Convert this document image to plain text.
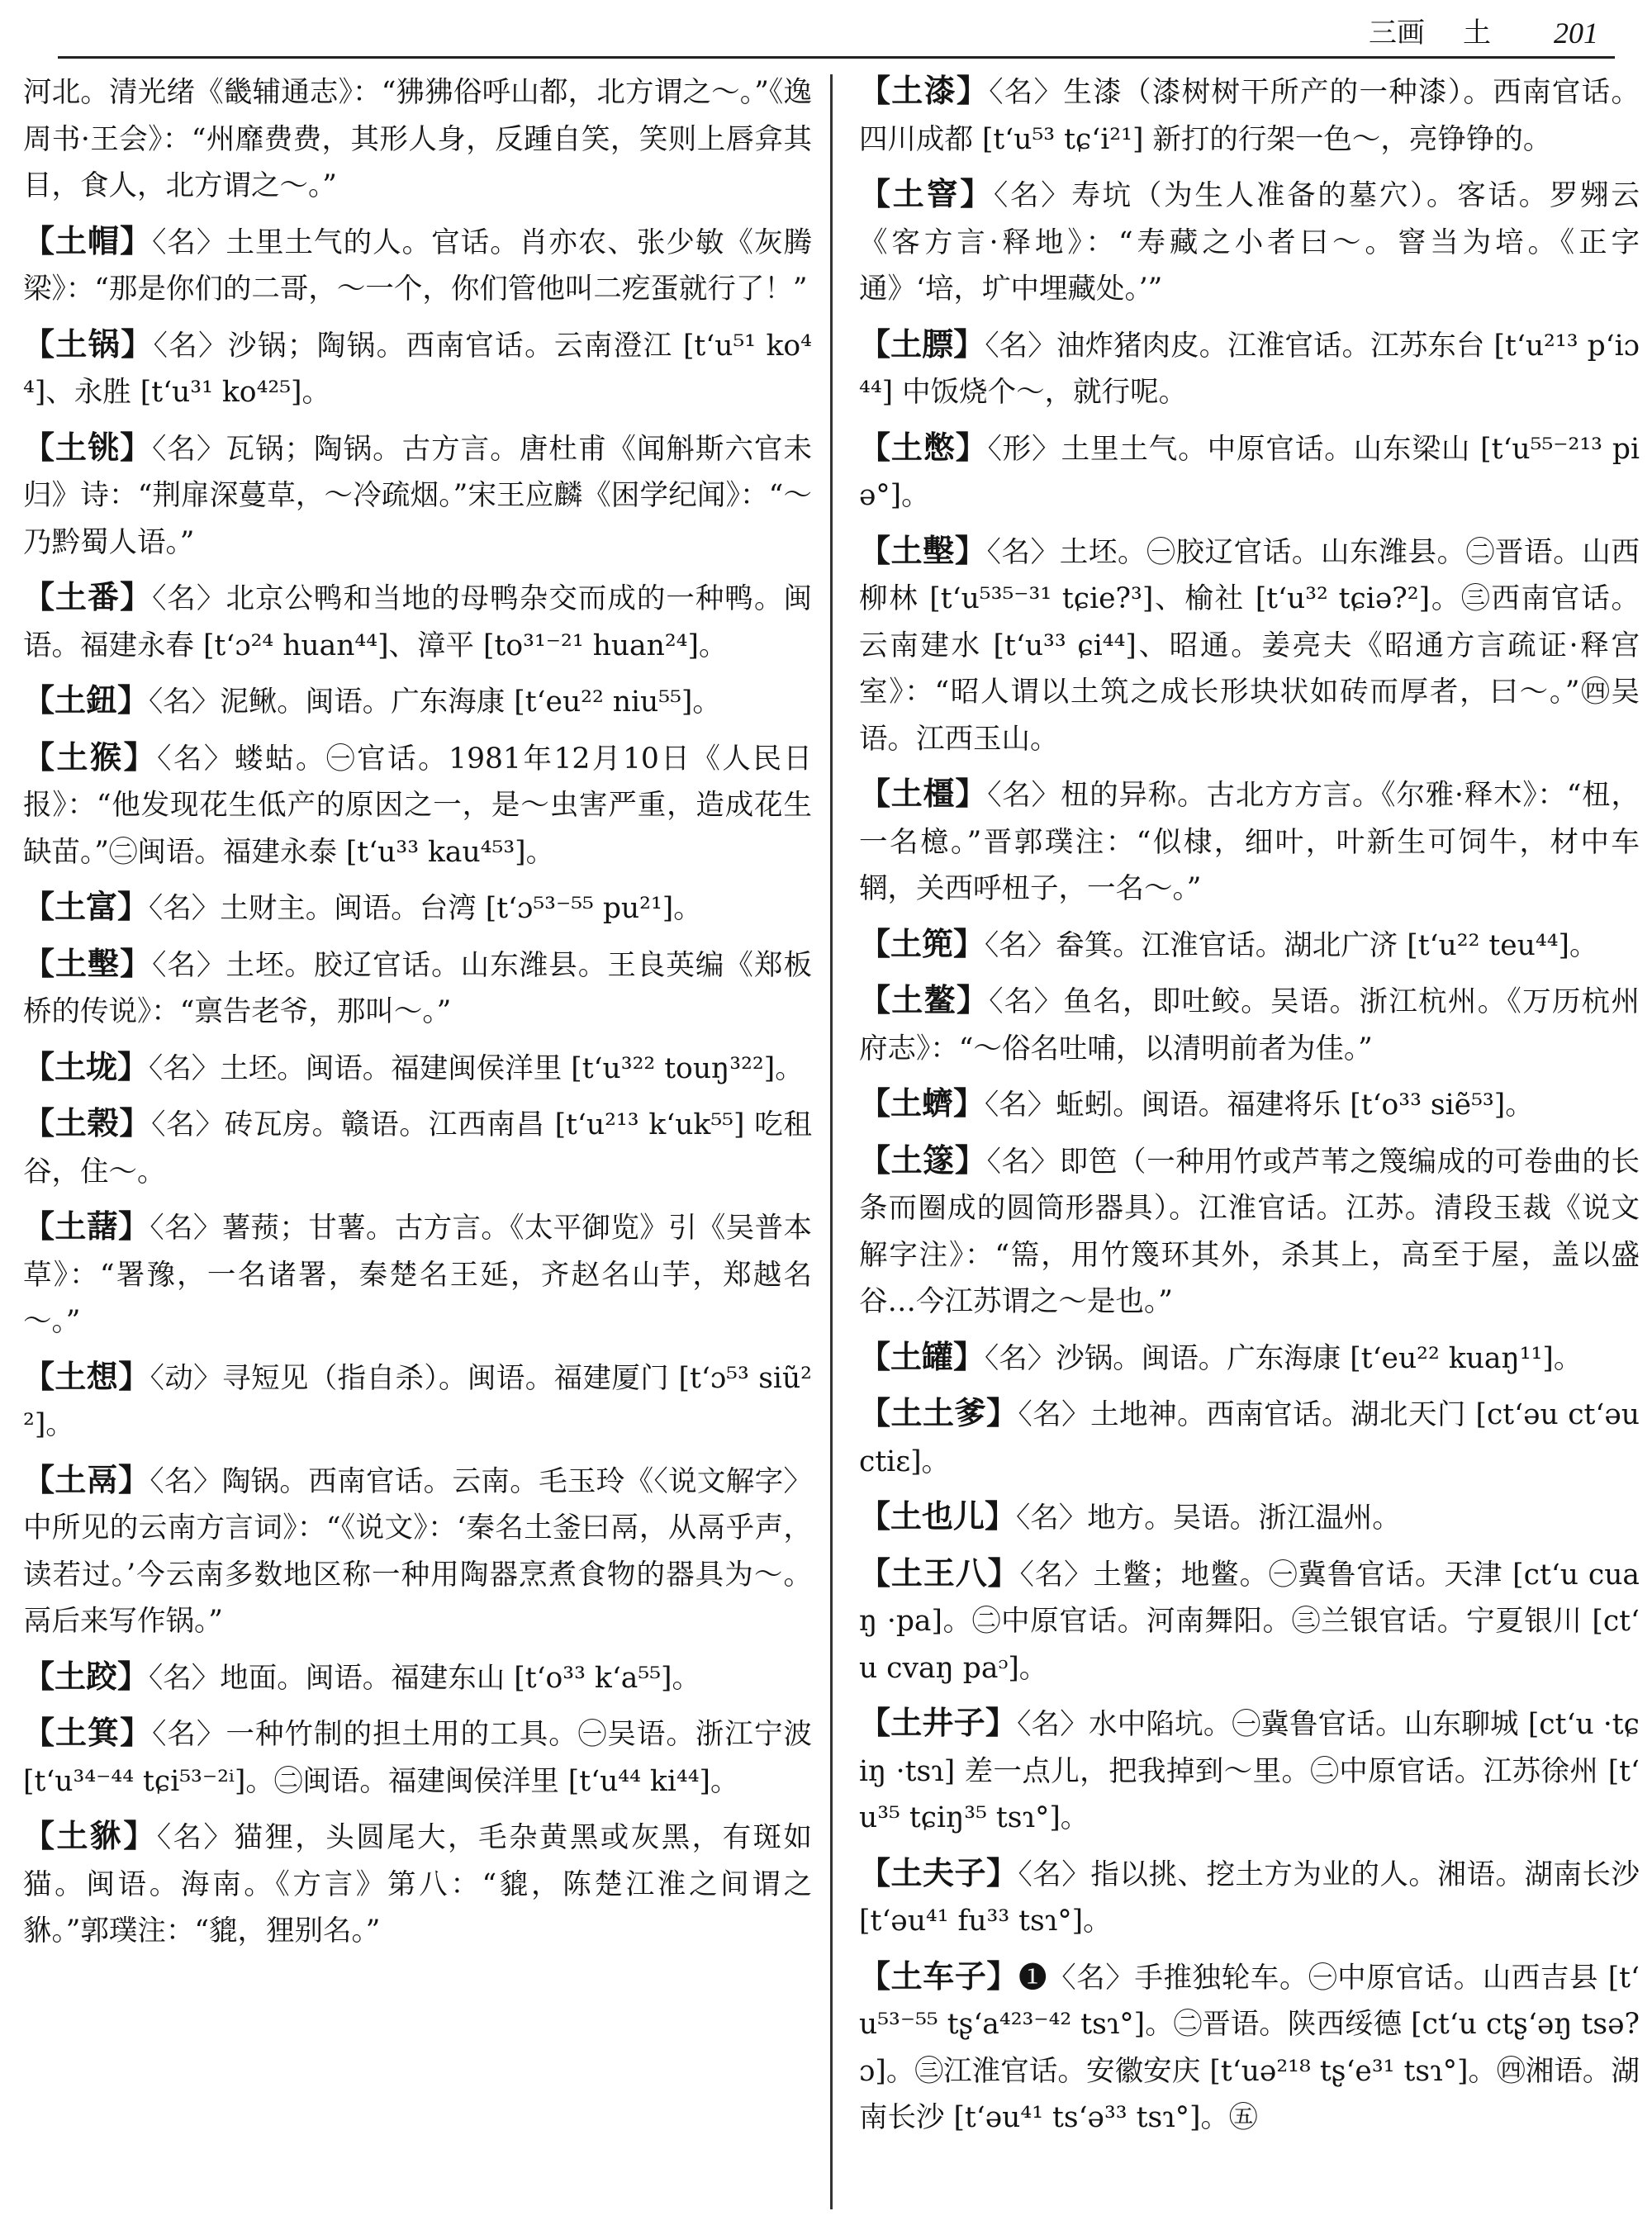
三画 土 201

河北。清光绪《畿辅通志》：“狒狒俗呼山都，北方谓之～。”《逸周书·王会》：“州靡费费，其形人身，反踵自笑，笑则上唇弇其目，食人，北方谓之～。”

【土帽】〈名〉土里土气的人。官话。肖亦农、张少敏《灰腾梁》：“那是你们的二哥，～一个，你们管他叫二疙蛋就行了！”

【土锅】〈名〉沙锅；陶锅。西南官话。云南澄江 [tʻu⁵¹ ko⁴⁴]、永胜 [tʻu³¹ ko⁴²⁵]。

【土铫】〈名〉瓦锅；陶锅。古方言。唐杜甫《闻斛斯六官未归》诗：“荆扉深蔓草，～冷疏烟。”宋王应麟《困学纪闻》：“～乃黔蜀人语。”

【土番】〈名〉北京公鸭和当地的母鸭杂交而成的一种鸭。闽语。福建永春 [tʻɔ²⁴ huan⁴⁴]、漳平 [to³¹⁻²¹ huan²⁴]。

【土鈕】〈名〉泥鳅。闽语。广东海康 [tʻeu²² niu⁵⁵]。

【土猴】〈名〉蝼蛄。㊀官话。1981年12月10日《人民日报》：“他发现花生低产的原因之一，是～虫害严重，造成花生缺苗。”㊁闽语。福建永泰 [tʻu³³ kau⁴⁵³]。

【土富】〈名〉土财主。闽语。台湾 [tʻɔ⁵³⁻⁵⁵ pu²¹]。

【土墼】〈名〉土坯。胶辽官话。山东潍县。王良英编《郑板桥的传说》：“禀告老爷，那叫～。”

【土垅】〈名〉土坯。闽语。福建闽侯洋里 [tʻu³²² touŋ³²²]。

【土榖】〈名〉砖瓦房。赣语。江西南昌 [tʻu²¹³ kʻuk⁵⁵] 吃租谷，住～。

【土藷】〈名〉薯蓣；甘薯。古方言。《太平御览》引《吴普本草》：“署豫，一名诸署，秦楚名王延，齐赵名山芋，郑越名～。”

【土想】〈动〉寻短见（指自杀）。闽语。福建厦门 [tʻɔ⁵³ siũ²²]。

【土鬲】〈名〉陶锅。西南官话。云南。毛玉玲《〈说文解字〉中所见的云南方言词》：“《说文》：‘秦名土釜曰鬲，从鬲乎声，读若过。’今云南多数地区称一种用陶器烹煮食物的器具为～。鬲后来写作锅。”

【土跤】〈名〉地面。闽语。福建东山 [tʻo³³ kʻa⁵⁵]。

【土箕】〈名〉一种竹制的担土用的工具。㊀吴语。浙江宁波 [tʻu³⁴⁻⁴⁴ tɕi⁵³⁻²ⁱ]。㊁闽语。福建闽侯洋里 [tʻu⁴⁴ ki⁴⁴]。

【土貅】〈名〉猫狸，头圆尾大，毛杂黄黑或灰黑，有斑如猫。闽语。海南。《方言》第八：“貔，陈楚江淮之间谓之貅。”郭璞注：“貔，狸别名。”

【土漆】〈名〉生漆（漆树树干所产的一种漆）。西南官话。四川成都 [tʻu⁵³ tɕʻi²¹] 新打的行架一色～，亮铮铮的。

【土窨】〈名〉寿坑（为生人准备的墓穴）。客话。罗翙云《客方言·释地》：“寿藏之小者曰～。窨当为培。《正字通》‘培，圹中埋藏处。’”

【土膘】〈名〉油炸猪肉皮。江淮官话。江苏东台 [tʻu²¹³ pʻiɔ⁴⁴] 中饭烧个～，就行呢。

【土憋】〈形〉土里土气。中原官话。山东梁山 [tʻu⁵⁵⁻²¹³ piə°]。

【土墼】〈名〉土坯。㊀胶辽官话。山东潍县。㊁晋语。山西柳林 [tʻu⁵³⁵⁻³¹ tɕie?³]、榆社 [tʻu³² tɕiə?²]。㊂西南官话。云南建水 [tʻu³³ ɕi⁴⁴]、昭通。姜亮夫《昭通方言疏证·释宫室》：“昭人谓以土筑之成长形块状如砖而厚者，曰～。”㊃吴语。江西玉山。

【土橿】〈名〉杻的异称。古北方方言。《尔雅·释木》：“杻，一名檍。”晋郭璞注：“似棣，细叶，叶新生可饲牛，材中车辋，关西呼杻子，一名～。”

【土篼】〈名〉畚箕。江淮官话。湖北广济 [tʻu²² teu⁴⁴]。

【土鳌】〈名〉鱼名，即吐鲛。吴语。浙江杭州。《万历杭州府志》：“～俗名吐哺，以清明前者为佳。”

【土蠐】〈名〉蚯蚓。闽语。福建将乐 [tʻo³³ siẽ⁵³]。

【土篴】〈名〉即笆（一种用竹或芦苇之篾编成的可卷曲的长条而圈成的圆筒形器具）。江淮官话。江苏。清段玉裁《说文解字注》：“篅，用竹篾环其外，杀其上，高至于屋，盖以盛谷…今江苏谓之～是也。”

【土罐】〈名〉沙锅。闽语。广东海康 [tʻeu²² kuaŋ¹¹]。

【土土爹】〈名〉土地神。西南官话。湖北天门 [ctʻəu ctʻəu ctiɛ]。

【土也儿】〈名〉地方。吴语。浙江温州。

【土王八】〈名〉土鳖；地鳖。㊀冀鲁官话。天津 [ctʻu cuaŋ ·pa]。㊁中原官话。河南舞阳。㊂兰银官话。宁夏银川 [ctʻu cvaŋ paᵓ]。

【土井子】〈名〉水中陷坑。㊀冀鲁官话。山东聊城 [ctʻu ·tɕiŋ ·tsɿ] 差一点儿，把我掉到～里。㊁中原官话。江苏徐州 [tʻu³⁵ tɕiŋ³⁵ tsɿ°]。

【土夫子】〈名〉指以挑、挖土方为业的人。湘语。湖南长沙 [tʻəu⁴¹ fu³³ tsɿ°]。

【土车子】❶〈名〉手推独轮车。㊀中原官话。山西吉县 [tʻu⁵³⁻⁵⁵ tʂʻa⁴²³⁻⁴² tsɿ°]。㊁晋语。陕西绥德 [ctʻu ctʂʻəŋ tsə?ɔ]。㊂江淮官话。安徽安庆 [tʻuə²¹⁸ tʂʻe³¹ tsɿ°]。㊃湘语。湖南长沙 [tʻəu⁴¹ tsʻə³³ tsɿ°]。㊄
